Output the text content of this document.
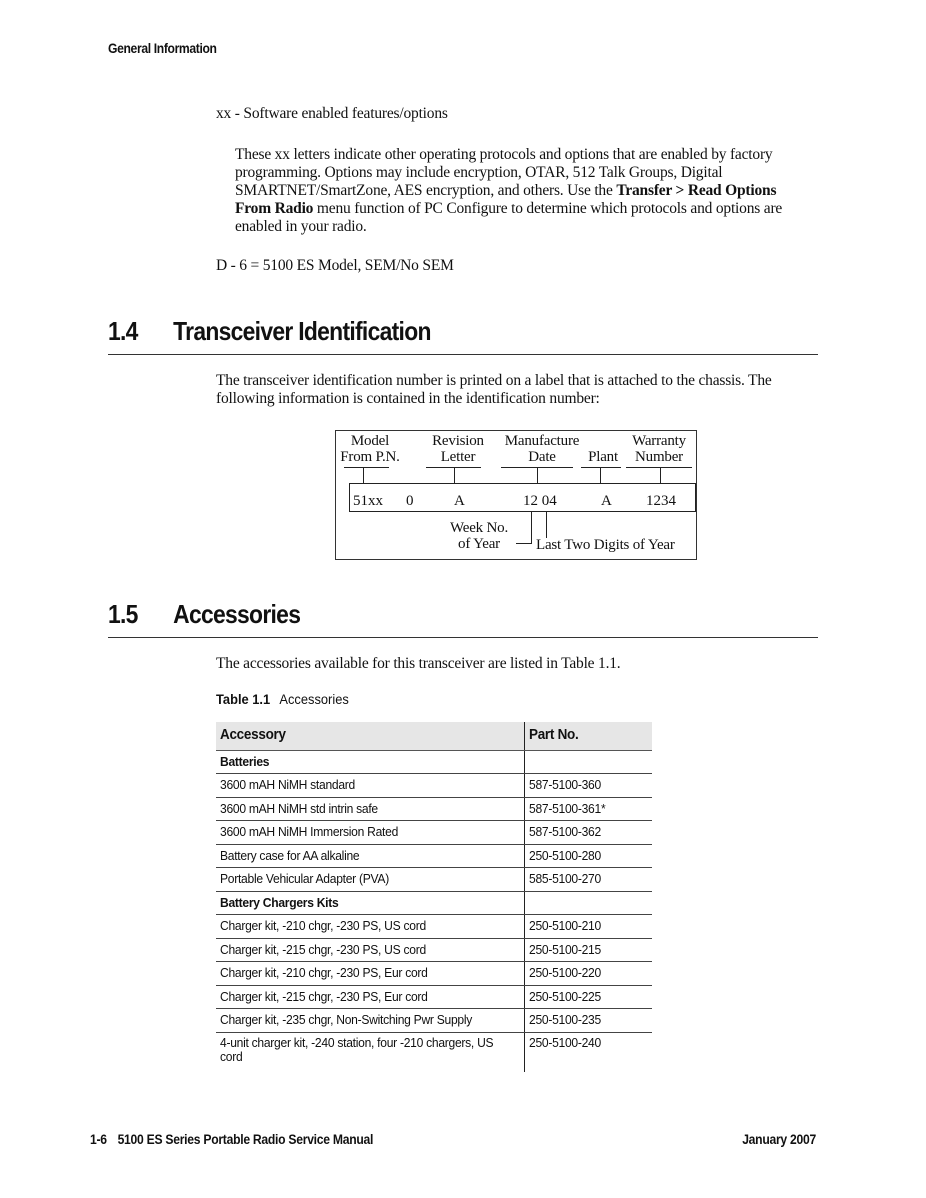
General Information
xx - Software enabled features/options
These xx letters indicate other operating protocols and options that are enabled by factory programming. Options may include encryption, OTAR, 512 Talk Groups, Digital SMARTNET/SmartZone, AES encryption, and others. Use the Transfer > Read Options From Radio menu function of PC Configure to determine which protocols and options are enabled in your radio.
D - 6 = 5100 ES Model, SEM/No SEM
1.4 Transceiver Identification
The transceiver identification number is printed on a label that is attached to the chassis. The following information is contained in the identification number:
Model
From P.N.
Revision
Letter
Manufacture
Date	Plant
Warranty
Number
51xx 0	A	12 04	A 1234
Week No.
of Year	Last Two Digits of Year
1.5 Accessories
The accessories available for this transceiver are listed in Table 1.1.
Table 1.1 Accessories
Accessory	Part No.
Batteries	
3600 mAH NiMH standard	587-5100-360
3600 mAH NiMH std intrin safe	587-5100-361*
3600 mAH NiMH Immersion Rated	587-5100-362
Battery case for AA alkaline	250-5100-280
Portable Vehicular Adapter (PVA)	585-5100-270
Battery Chargers Kits	
Charger kit, -210 chgr, -230 PS, US cord	250-5100-210
Charger kit, -215 chgr, -230 PS, US cord	250-5100-215
Charger kit, -210 chgr, -230 PS, Eur cord	250-5100-220
Charger kit, -215 chgr, -230 PS, Eur cord	250-5100-225
Charger kit, -235 chgr, Non-Switching Pwr Supply	250-5100-235

4-unit charger kit, -240 station, four -210 chargers, US cord	250-5100-240
1-6 5100 ES Series Portable Radio Service Manual	January 2007
